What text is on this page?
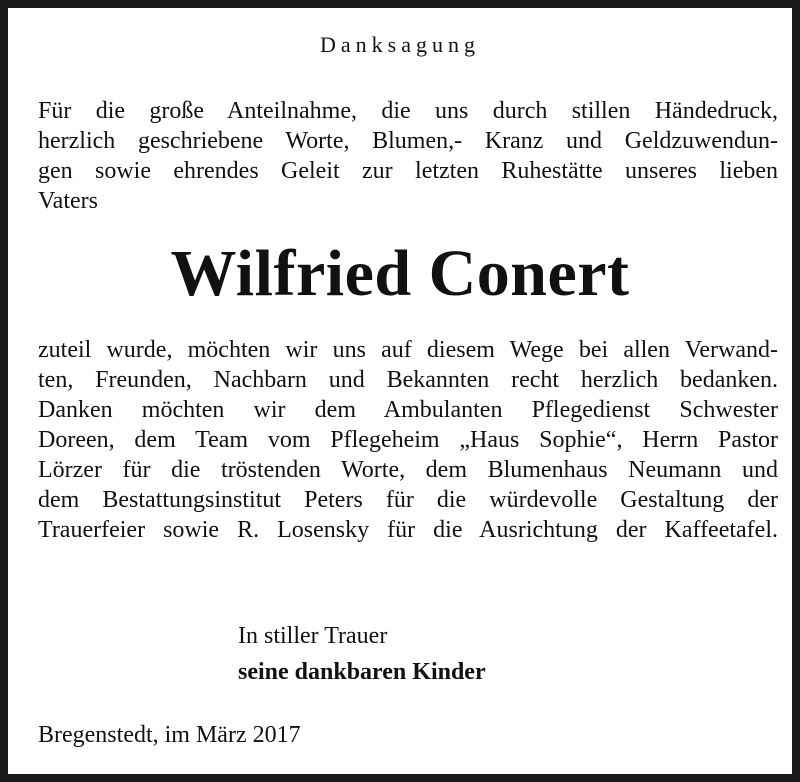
Danksagung
Für die große Anteilnahme, die uns durch stillen Händedruck,
herzlich geschriebene Worte, Blumen,- Kranz und Geldzuwendun-
gen sowie ehrendes Geleit zur letzten Ruhestätte unseres lieben
Vaters
Wilfried Conert
zuteil wurde, möchten wir uns auf diesem Wege bei allen Verwand-
ten, Freunden, Nachbarn und Bekannten recht herzlich bedanken.
Danken möchten wir dem Ambulanten Pflegedienst Schwester
Doreen, dem Team vom Pflegeheim „Haus Sophie“, Herrn Pastor
Lörzer für die tröstenden Worte, dem Blumenhaus Neumann und
dem Bestattungsinstitut Peters für die würdevolle Gestaltung der
Trauerfeier sowie R. Losensky für die Ausrichtung der Kaffeetafel.
In stiller Trauer
seine dankbaren Kinder
Bregenstedt, im März 2017
